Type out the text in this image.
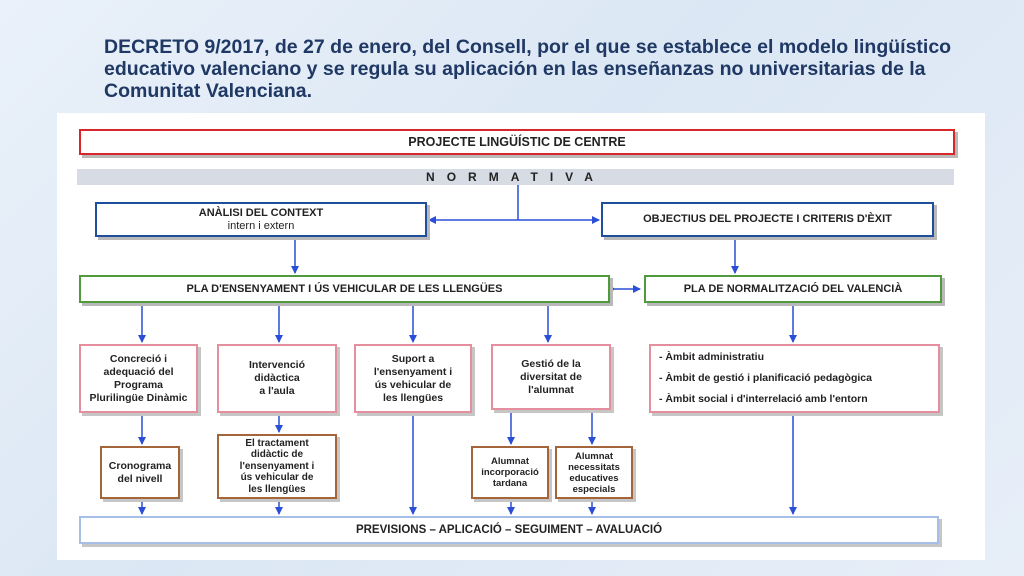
DECRETO 9/2017, de 27 de enero, del Consell, por el que se establece el modelo lingüístico educativo valenciano y se regula su aplicación en las enseñanzas no universitarias de la Comunitat Valenciana.
PROJECTE LINGÜÍSTIC DE CENTRE
NORMATIVA
ANÀLISI DEL CONTEXT
intern i extern
OBJECTIUS DEL PROJECTE I CRITERIS D'ÈXIT
PLA D'ENSENYAMENT I ÚS VEHICULAR DE LES LLENGÜES	PLA DE NORMALITZACIÓ DEL VALENCIÀ
Concreció i
adequació del
Programa
Plurilingüe Dinàmic
Intervenció
didàctica
a l'aula
Suport a
l'ensenyament i
ús vehicular de
les llengües
Gestió de la
diversitat de
l'alumnat
- Àmbit administratiu
- Àmbit de gestió i planificació pedagògica
- Àmbit social i d'interrelació amb l'entorn
Cronograma
del nivell
El tractament
didàctic de
l'ensenyament i
ús vehicular de
les llengües
Alumnat
incorporació
tardana
Alumnat
necessitats
educatives
especials
PREVISIONS – APLICACIÓ – SEGUIMENT – AVALUACIÓ
